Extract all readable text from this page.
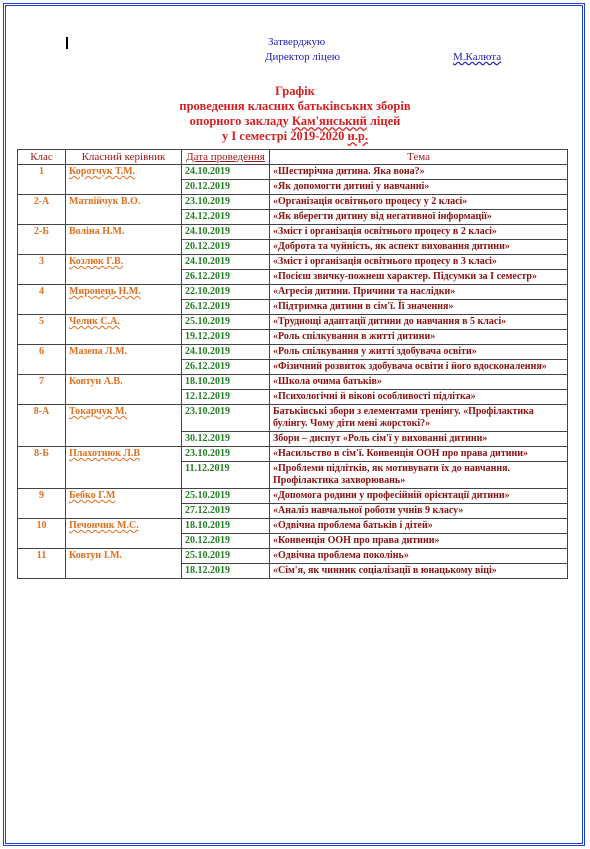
Затверджую
Директор ліцею	М.Калюта
Графік
проведення класних батьківських зборів
опорного закладу Кам'янський ліцей
у І семестрі 2019-2020 н.р.
Клас	Класний керівник	Дата проведення	Тема
1	Коротчук Т.М.	24.10.2019	«Шестирічна дитина. Яка вона?»
		20.12.2019	«Як допомогти дитині у навчанні»
2-А	Матвійчук В.О.	23.10.2019	«Організація освітнього процесу у 2 класі»
		24.12.2019	«Як вберегти дитину від негативної інформації»
2-Б	Воліна Н.М.	24.10.2019	«Зміст і організація освітнього процесу в 2 класі»
		20.12.2019	«Доброта та чуйність, як аспект виховання дитини»
3	Козлюк Г.В.	24.10.2019	«Зміст і організація освітнього процесу в 3 класі»
		26.12.2019	«Посієш звичку-пожнеш характер. Підсумки за І семестр»
4	Миронець Н.М.	22.10.2019	«Агресія дитини. Причини та наслідки»
		26.12.2019	«Підтримка дитини в сім'ї. Її значення»
5	Челик С.А.	25.10.2019	«Труднощі адаптації дитини до навчання в 5 класі»
		19.12.2019	«Роль спілкування в житті дитини»
6	Мазепа Л.М.	24.10.2019	«Роль спілкування у житті здобувача освіти»
		26.12.2019	«Фізичний розвиток здобувача освіти і його вдосконалення»
7	Ковтун А.В.	18.10.2019	«Школа очима батьків»
		12.12.2019	«Психологічні й вікові особливості підлітка»
8-А	Токарчук М.	23.10.2019	Батьківські збори з елементами тренінгу. «Профілактика булінгу. Чому діти мені жорстокі?»
		30.12.2019	Збори – диспут «Роль сім'ї у вихованні дитини»
8-Б	Плахотнюк Л.В	23.10.2019	«Насильство в сім'ї. Конвенція ООН про права дитини»
		11.12.2019	«Проблеми підлітків, як мотивувати їх до навчання. Профілактика захворювань»
9	Бебко Г.М	25.10.2019	«Допомога родини у професійній орієнтації дитини»
		27.12.2019	«Аналіз навчальної роботи учнів 9 класу»
10	Печончик М.С.	18.10.2019	«Одвічна проблема батьків і дітей»
		20.12.2019	«Конвенція ООН про права дитини»
11	Ковтун І.М.	25.10.2019	«Одвічна проблема поколінь»
		18.12.2019	«Сім'я, як чинник соціалізації в юнацькому віці»
